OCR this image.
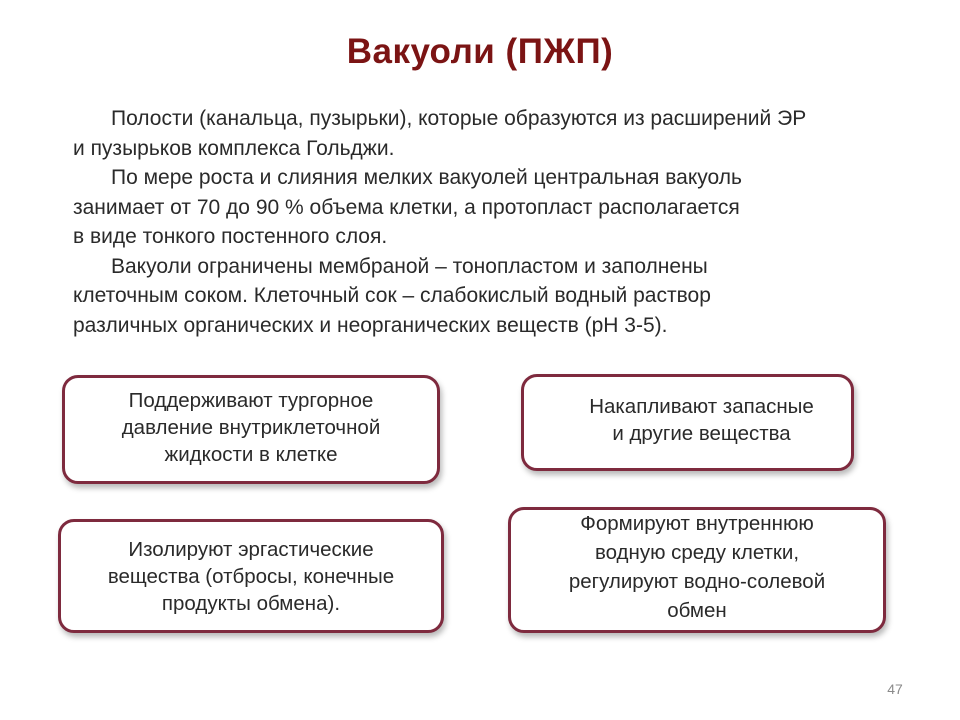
Вакуоли (ПЖП)

Полости (канальца, пузырьки), которые образуются из расширений ЭР
и пузырьков комплекса Гольджи.

По мере роста и слияния мелких вакуолей центральная вакуоль
занимает от 70 до 90 % объема клетки, а протопласт располагается
в виде тонкого постенного слоя.

Вакуоли ограничены мембраной – тонопластом и заполнены
клеточным соком. Клеточный сок – слабокислый водный раствор
различных органических и неорганических веществ (рН 3-5).

Поддерживают тургорное
давление внутриклеточной
жидкости в клетке
Накапливают запасные
и другие вещества
Изолируют эргастические
вещества (отбросы, конечные
продукты обмена).
Формируют внутреннюю
водную среду клетки,
регулируют водно-солевой
обмен
47
